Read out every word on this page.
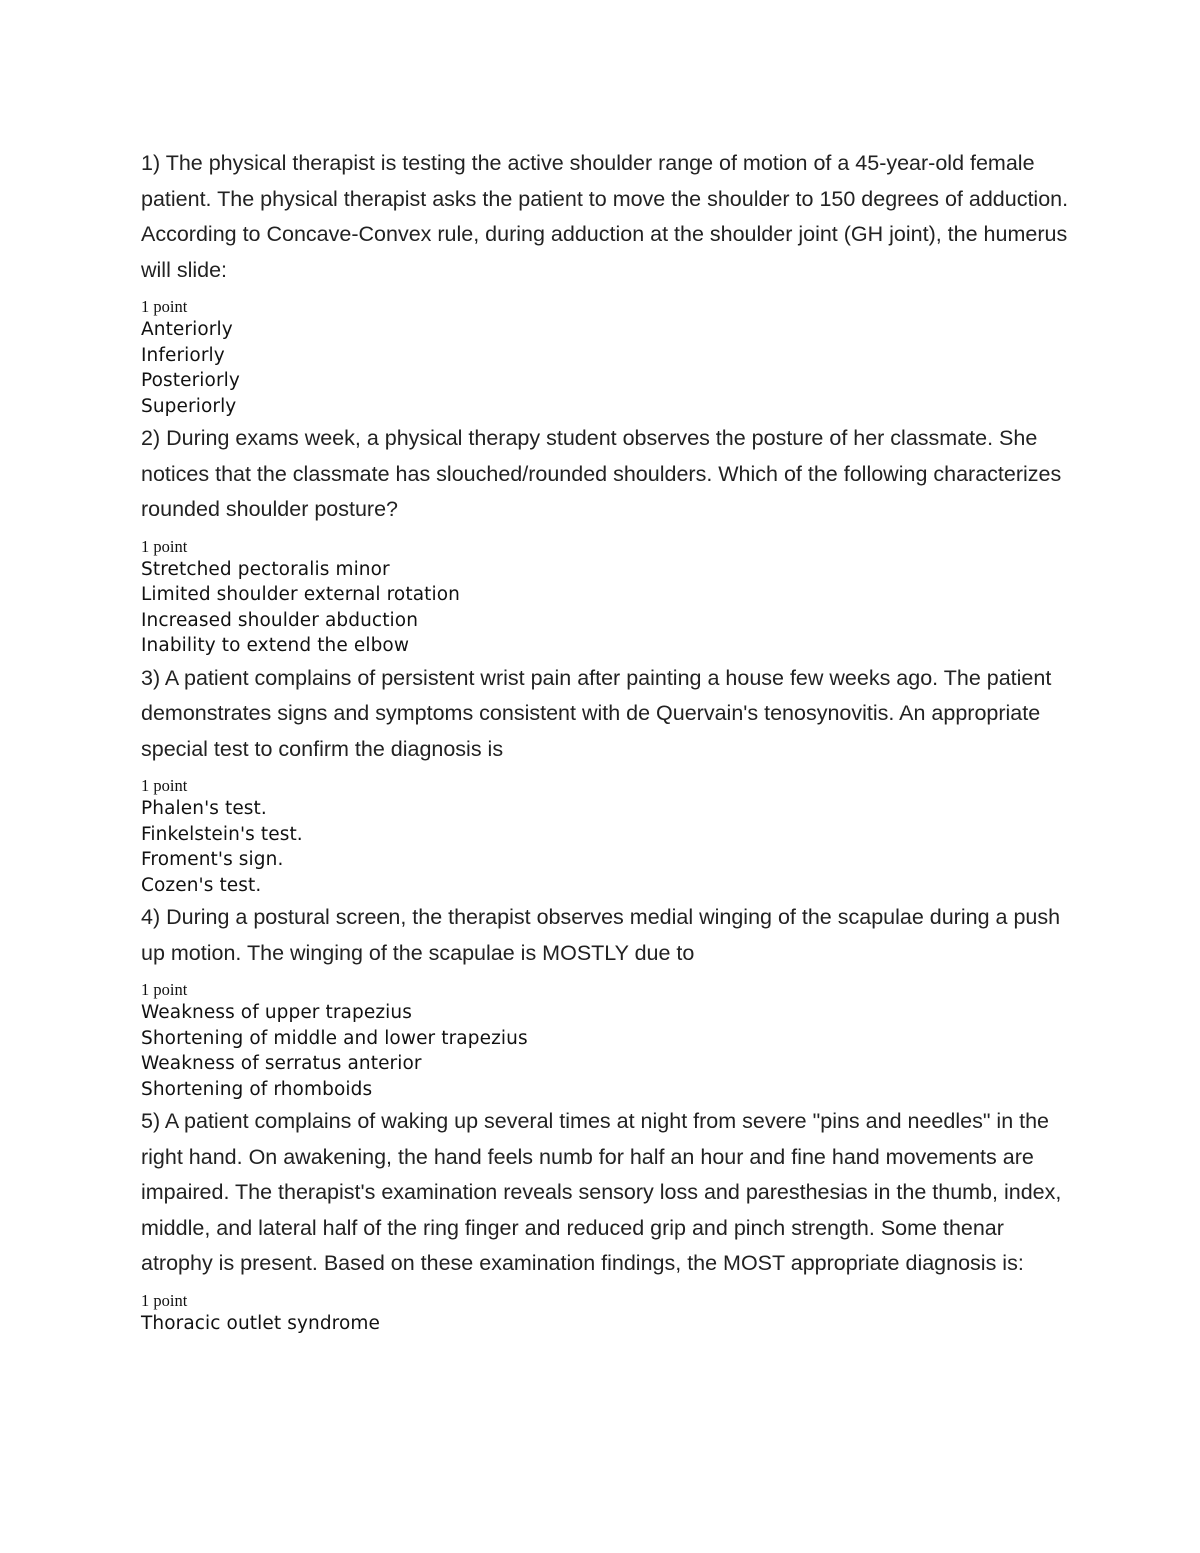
1) The physical therapist is testing the active shoulder range of motion of a 45-year-old female patient. The physical therapist asks the patient to move the shoulder to 150 degrees of adduction. According to Concave-Convex rule, during adduction at the shoulder joint (GH joint), the humerus will slide:

1 point
Anteriorly
Inferiorly
Posteriorly
Superiorly

2) During exams week, a physical therapy student observes the posture of her classmate. She notices that the classmate has slouched/rounded shoulders. Which of the following characterizes rounded shoulder posture?

1 point
Stretched pectoralis minor
Limited shoulder external rotation
Increased shoulder abduction
Inability to extend the elbow

3) A patient complains of persistent wrist pain after painting a house few weeks ago. The patient demonstrates signs and symptoms consistent with de Quervain's tenosynovitis. An appropriate special test to confirm the diagnosis is

1 point
Phalen's test.
Finkelstein's test.
Froment's sign.
Cozen's test.

4) During a postural screen, the therapist observes medial winging of the scapulae during a push up motion. The winging of the scapulae is MOSTLY due to

1 point
Weakness of upper trapezius
Shortening of middle and lower trapezius
Weakness of serratus anterior
Shortening of rhomboids

5) A patient complains of waking up several times at night from severe "pins and needles" in the right hand. On awakening, the hand feels numb for half an hour and fine hand movements are impaired. The therapist's examination reveals sensory loss and paresthesias in the thumb, index, middle, and lateral half of the ring finger and reduced grip and pinch strength. Some thenar atrophy is present. Based on these examination findings, the MOST appropriate diagnosis is:

1 point
Thoracic outlet syndrome
